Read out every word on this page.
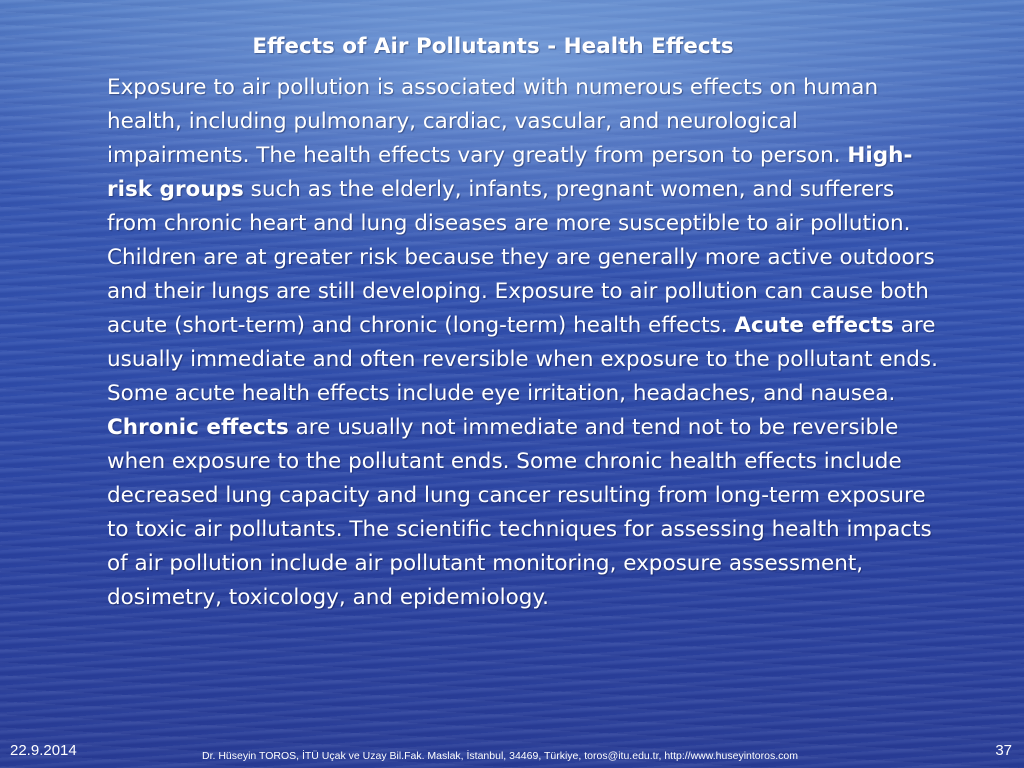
Effects of Air Pollutants - Health Effects

Exposure to air pollution is associated with numerous effects on human health, including pulmonary, cardiac, vascular, and neurological impairments. The health effects vary greatly from person to person. High-risk groups such as the elderly, infants, pregnant women, and sufferers from chronic heart and lung diseases are more susceptible to air pollution. Children are at greater risk because they are generally more active outdoors and their lungs are still developing. Exposure to air pollution can cause both acute (short-term) and chronic (long-term) health effects. Acute effects are usually immediate and often reversible when exposure to the pollutant ends. Some acute health effects include eye irritation, headaches, and nausea. Chronic effects are usually not immediate and tend not to be reversible when exposure to the pollutant ends. Some chronic health effects include decreased lung capacity and lung cancer resulting from long-term exposure to toxic air pollutants. The scientific techniques for assessing health impacts of air pollution include air pollutant monitoring, exposure assessment, dosimetry, toxicology, and epidemiology.

22.9.2014	Dr. Hüseyin TOROS, İTÜ Uçak ve Uzay Bil.Fak. Maslak, İstanbul, 34469, Türkiye, toros@itu.edu.tr, http://www.huseyintoros.com	37
